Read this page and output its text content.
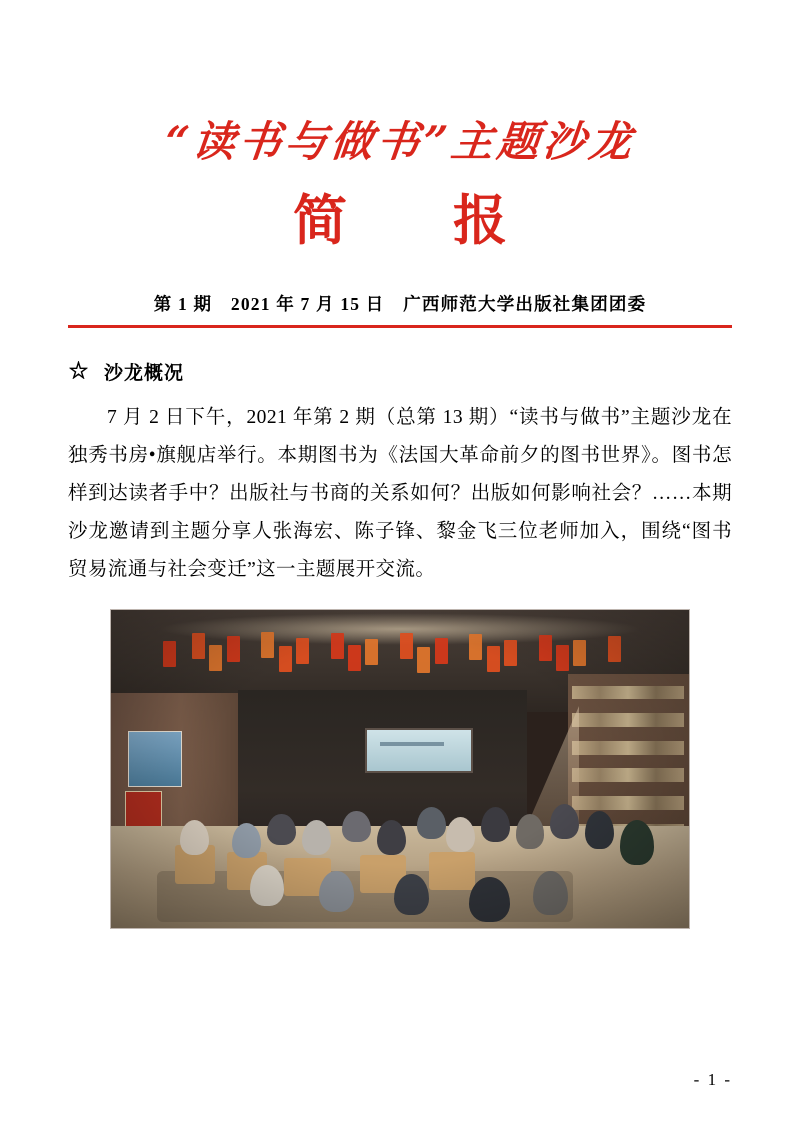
“读书与做书”主题沙龙
简　报
第 1 期　2021 年 7 月 15 日　广西师范大学出版社集团团委
☆ 沙龙概况
7 月 2 日下午，2021 年第 2 期（总第 13 期）“读书与做书”主题沙龙在独秀书房•旗舰店举行。本期图书为《法国大革命前夕的图书世界》。图书怎样到达读者手中？出版社与书商的关系如何？出版如何影响社会？……本期沙龙邀请到主题分享人张海宏、陈子锋、黎金飞三位老师加入，围绕“图书贸易流通与社会变迁”这一主题展开交流。
- 1 -
